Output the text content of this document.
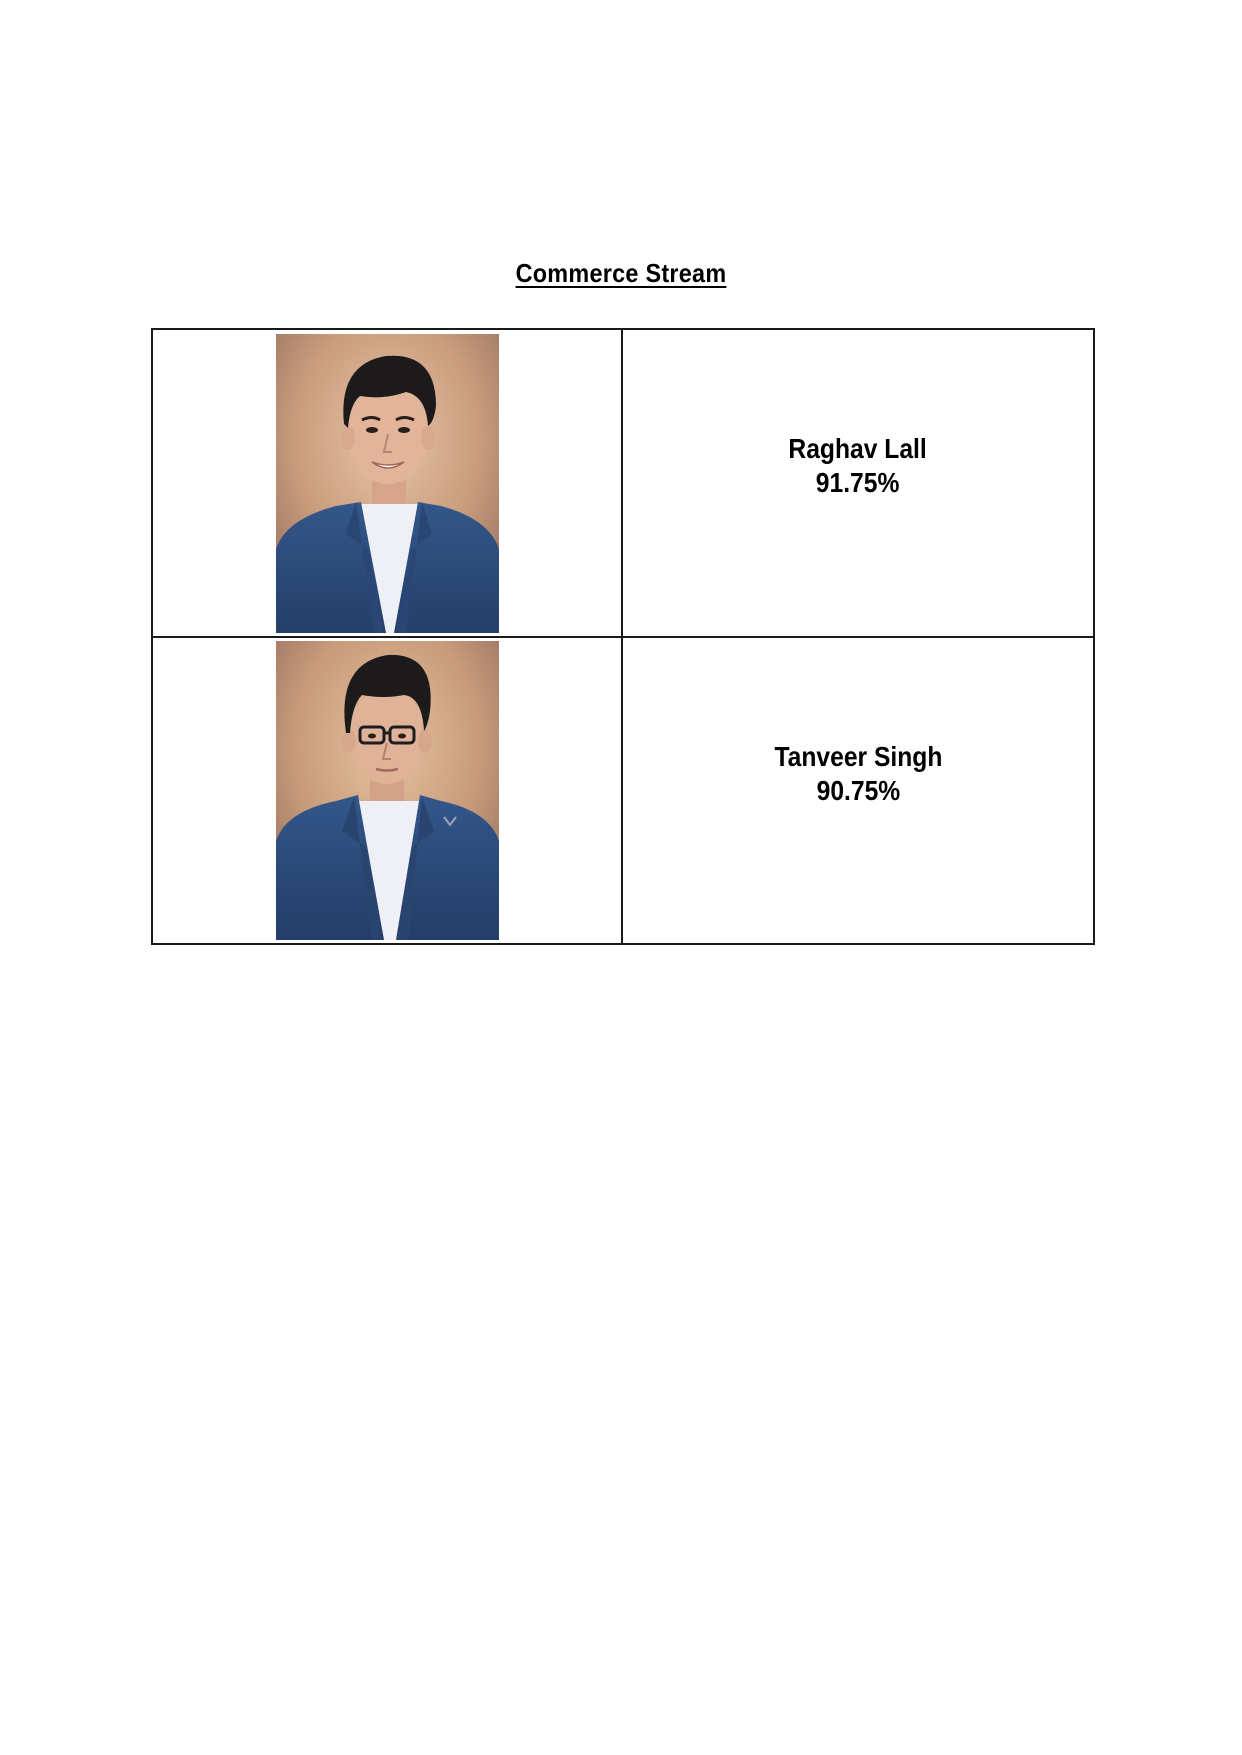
Commerce Stream

Raghav Lall
91.75%

Tanveer Singh
90.75%
